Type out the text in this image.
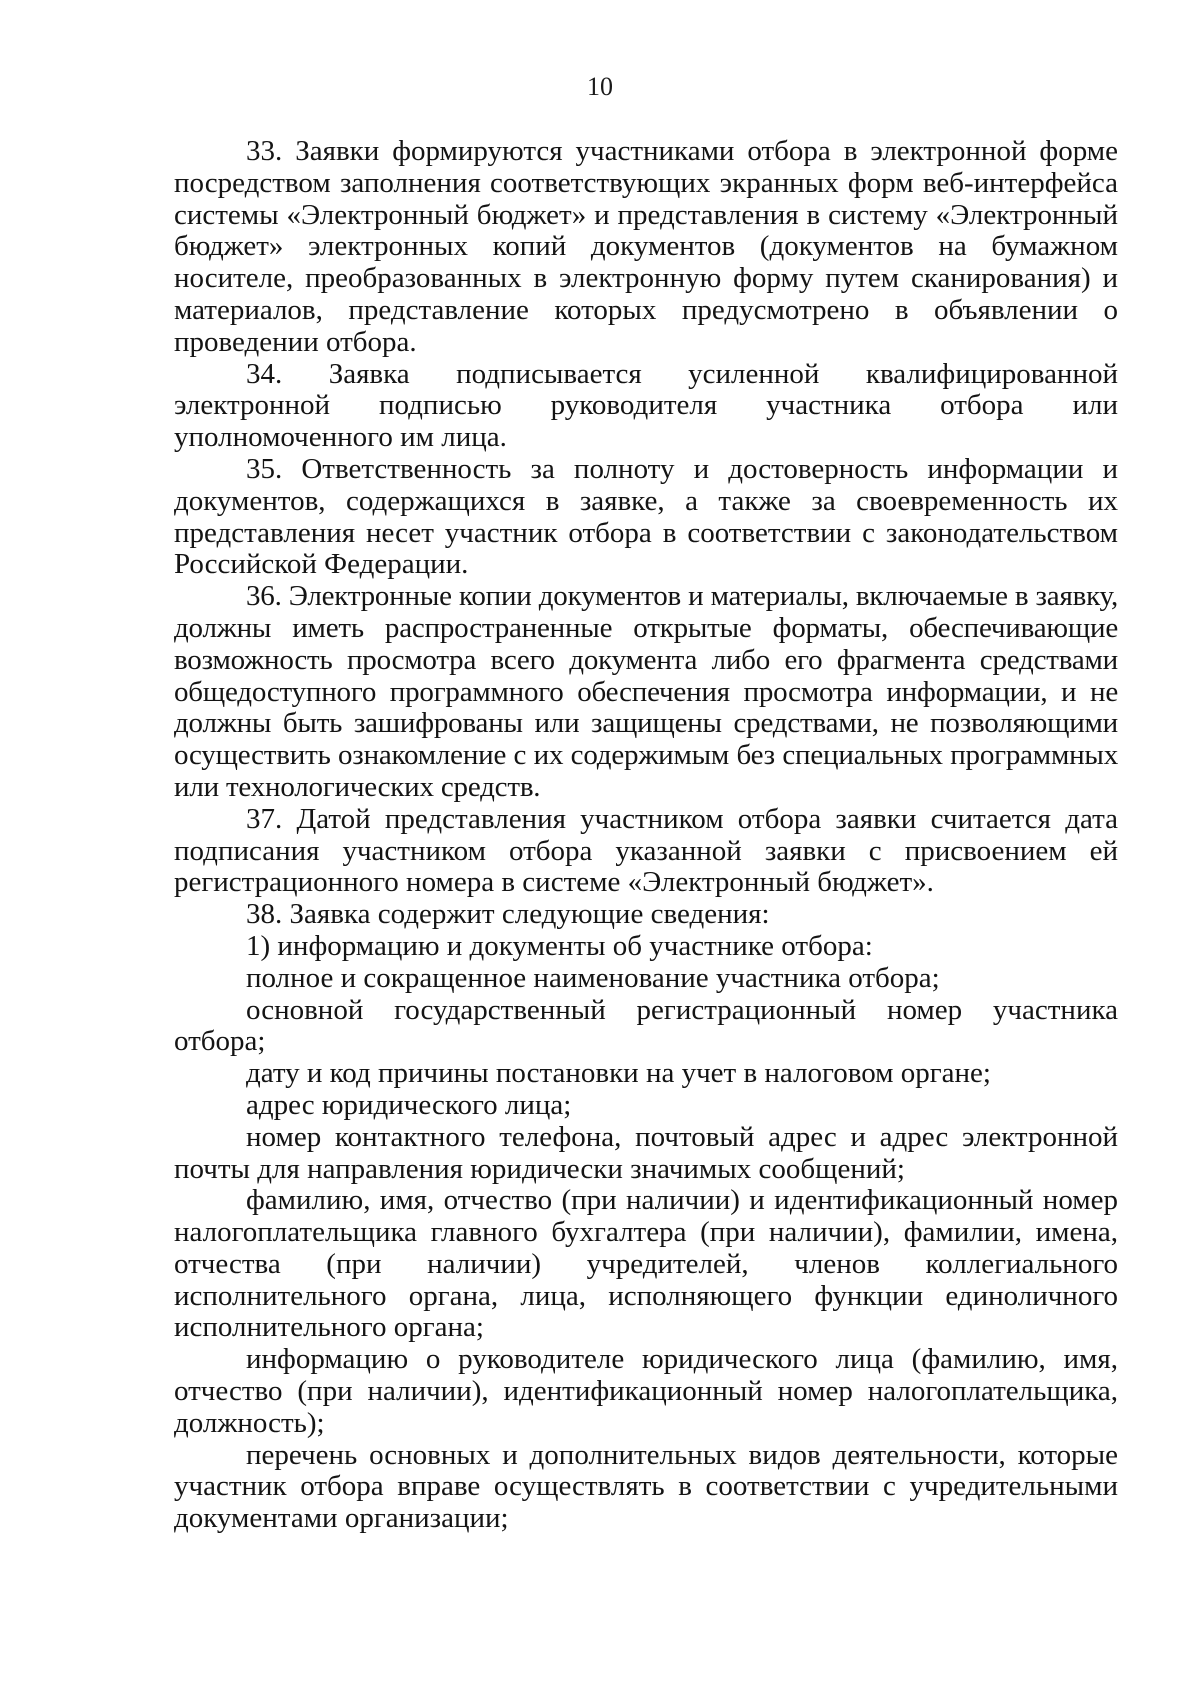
10

33. Заявки формируются участниками отбора в электронной форме посредством заполнения соответствующих экранных форм веб-интерфейса системы «Электронный бюджет» и представления в систему «Электронный бюджет» электронных копий документов (документов на бумажном носителе, преобразованных в электронную форму путем сканирования) и материалов, представление которых предусмотрено в объявлении о проведении отбора.

34. Заявка подписывается усиленной квалифицированной электронной подписью руководителя участника отбора или уполномоченного им лица.

35. Ответственность за полноту и достоверность информации и документов, содержащихся в заявке, а также за своевременность их представления несет участник отбора в соответствии с законодательством Российской Федерации.

36. Электронные копии документов и материалы, включаемые в заявку, должны иметь распространенные открытые форматы, обеспечивающие возможность просмотра всего документа либо его фрагмента средствами общедоступного программного обеспечения просмотра информации, и не должны быть зашифрованы или защищены средствами, не позволяющими осуществить ознакомление с их содержимым без специальных программных или технологических средств.

37. Датой представления участником отбора заявки считается дата подписания участником отбора указанной заявки с присвоением ей регистрационного номера в системе «Электронный бюджет».

38. Заявка содержит следующие сведения:

1) информацию и документы об участнике отбора:

полное и сокращенное наименование участника отбора;

основной государственный регистрационный номер участника отбора;

дату и код причины постановки на учет в налоговом органе;

адрес юридического лица;

номер контактного телефона, почтовый адрес и адрес электронной почты для направления юридически значимых сообщений;

фамилию, имя, отчество (при наличии) и идентификационный номер налогоплательщика главного бухгалтера (при наличии), фамилии, имена, отчества (при наличии) учредителей, членов коллегиального исполнительного органа, лица, исполняющего функции единоличного исполнительного органа;

информацию о руководителе юридического лица (фамилию, имя, отчество (при наличии), идентификационный номер налогоплательщика, должность);

перечень основных и дополнительных видов деятельности, которые участник отбора вправе осуществлять в соответствии с учредительными документами организации;
